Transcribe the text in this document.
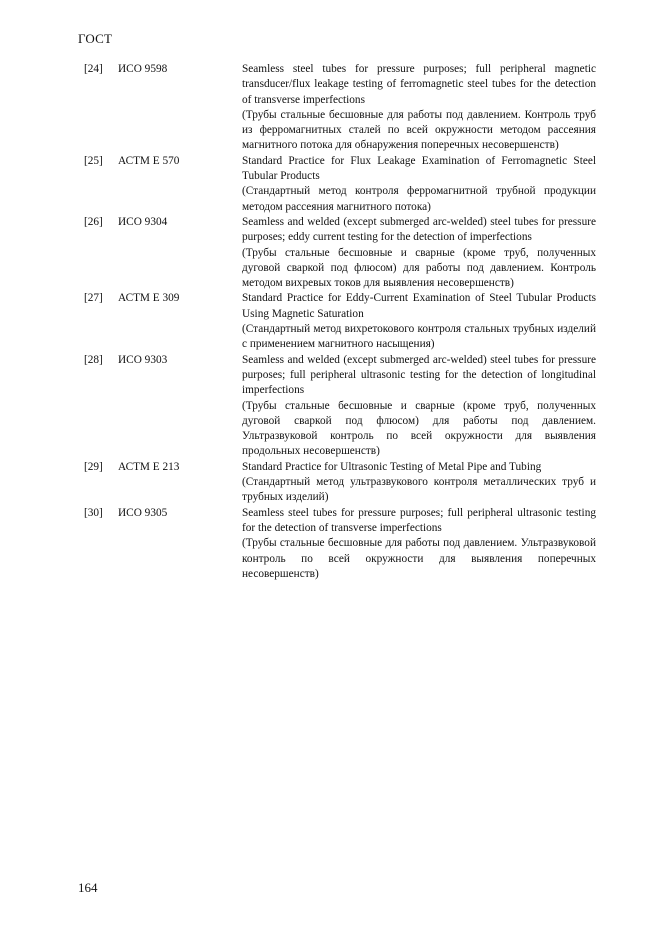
ГОСТ
[24]	ИСО 9598	Seamless steel tubes for pressure purposes; full peripheral magnetic transducer/flux leakage testing of ferromagnetic steel tubes for the detection of transverse imperfections

(Трубы стальные бесшовные для работы под давлением. Контроль труб из ферромагнитных сталей по всей окружности методом рассеяния магнитного потока для обнаружения поперечных несовершенств)

[25]	АСТМ Е 570	Standard Practice for Flux Leakage Examination of Ferromagnetic Steel Tubular Products

(Стандартный метод контроля ферромагнитной трубной продукции методом рассеяния магнитного потока)

[26]	ИСО 9304	Seamless and welded (except submerged arc-welded) steel tubes for pressure purposes; eddy current testing for the detection of imperfections

(Трубы стальные бесшовные и сварные (кроме труб, полученных дуговой сваркой под флюсом) для работы под давлением. Контроль методом вихревых токов для выявления несовершенств)

[27]	АСТМ Е 309	Standard Practice for Eddy-Current Examination of Steel Tubular Products Using Magnetic Saturation

(Стандартный метод вихретокового контроля стальных трубных изделий с применением магнитного насыщения)

[28]	ИСО 9303	Seamless and welded (except submerged arc-welded) steel tubes for pressure purposes; full peripheral ultrasonic testing for the detection of longitudinal imperfections

(Трубы стальные бесшовные и сварные (кроме труб, полученных дуговой сваркой под флюсом) для работы под давлением. Ультразвуковой контроль по всей окружности для выявления продольных несовершенств)

[29]	АСТМ Е 213	Standard Practice for Ultrasonic Testing of Metal Pipe and Tubing

(Стандартный метод ультразвукового контроля металлических труб и трубных изделий)

[30]	ИСО 9305	Seamless steel tubes for pressure purposes; full peripheral ultrasonic testing for the detection of transverse imperfections

(Трубы стальные бесшовные для работы под давлением. Ультразвуковой контроль по всей окружности для выявления поперечных несовершенств)

164
